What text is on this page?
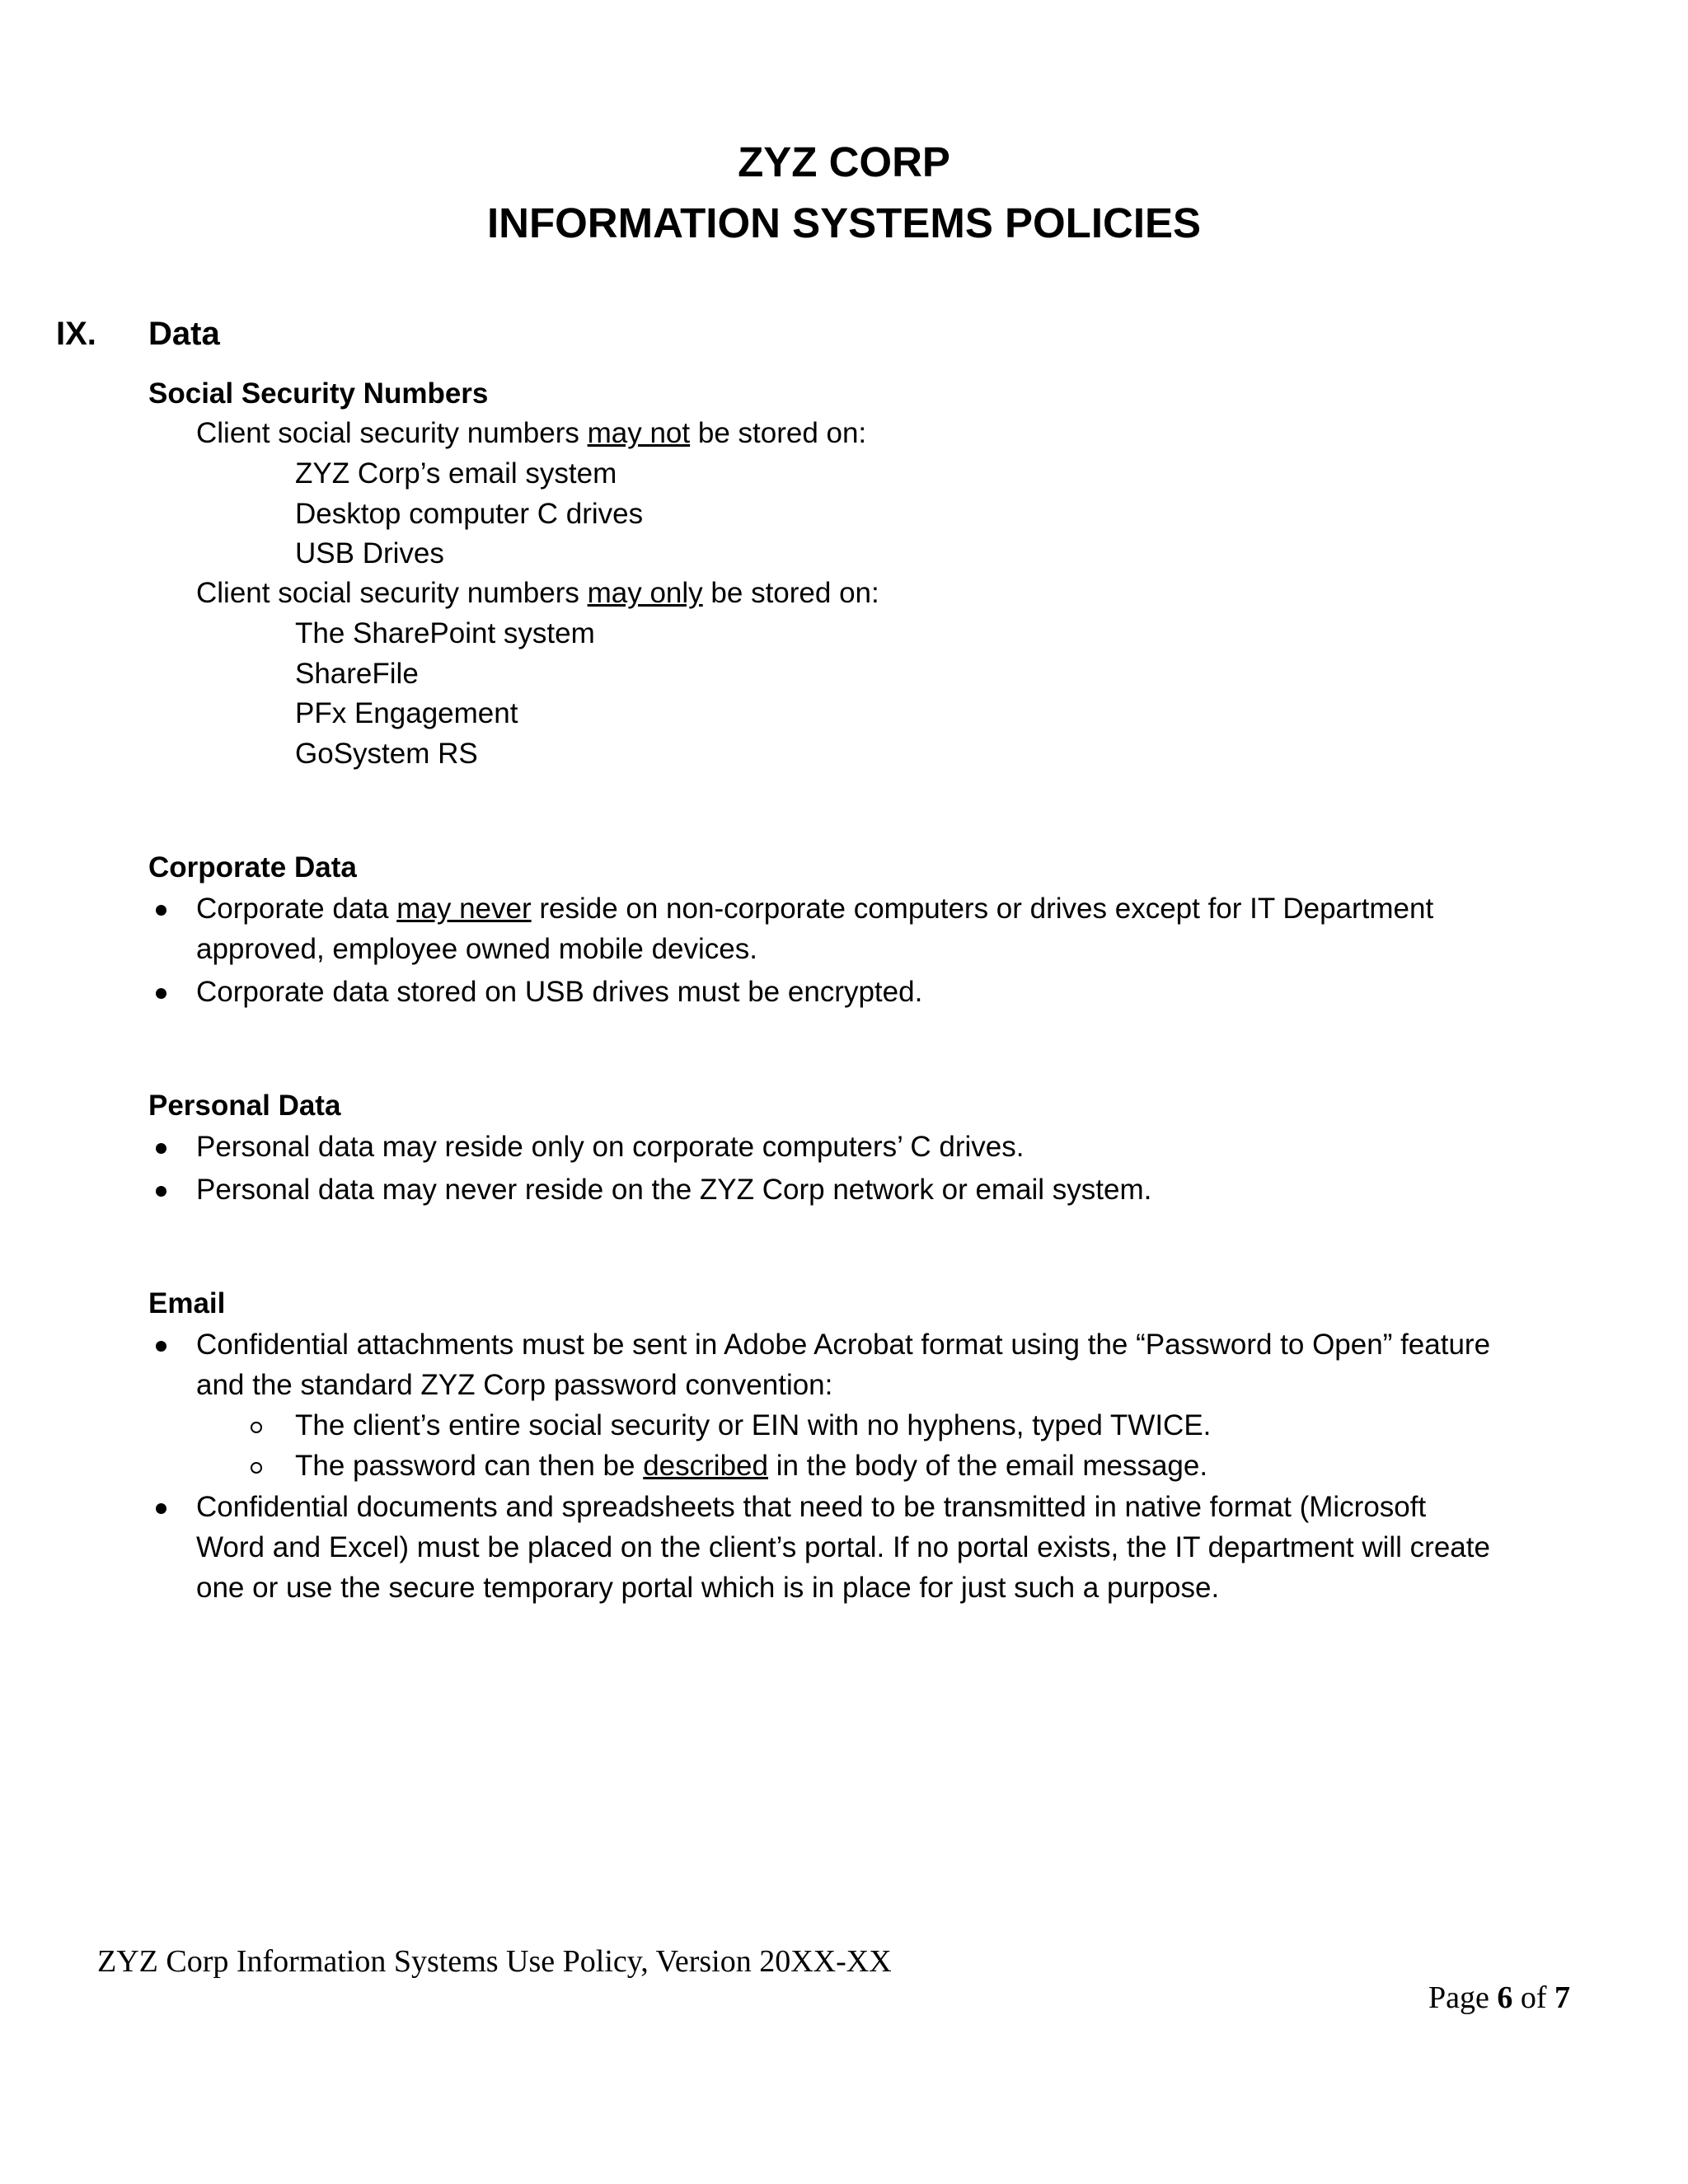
ZYZ CORP
INFORMATION SYSTEMS POLICIES
IX. Data
Social Security Numbers
Client social security numbers may not be stored on:
ZYZ Corp’s email system
Desktop computer C drives
USB Drives
Client social security numbers may only be stored on:
The SharePoint system
ShareFile
PFx Engagement
GoSystem RS
Corporate Data
Corporate data may never reside on non-corporate computers or drives except for IT Department
approved, employee owned mobile devices.
Corporate data stored on USB drives must be encrypted.
Personal Data
Personal data may reside only on corporate computers’ C drives.
Personal data may never reside on the ZYZ Corp network or email system.
Email
Confidential attachments must be sent in Adobe Acrobat format using the “Password to Open” feature
and the standard ZYZ Corp password convention:
The client’s entire social security or EIN with no hyphens, typed TWICE.
The password can then be described in the body of the email message.
Confidential documents and spreadsheets that need to be transmitted in native format (Microsoft
Word and Excel) must be placed on the client’s portal. If no portal exists, the IT department will create
one or use the secure temporary portal which is in place for just such a purpose.
ZYZ Corp Information Systems Use Policy, Version 20XX-XX
Page 6 of 7
